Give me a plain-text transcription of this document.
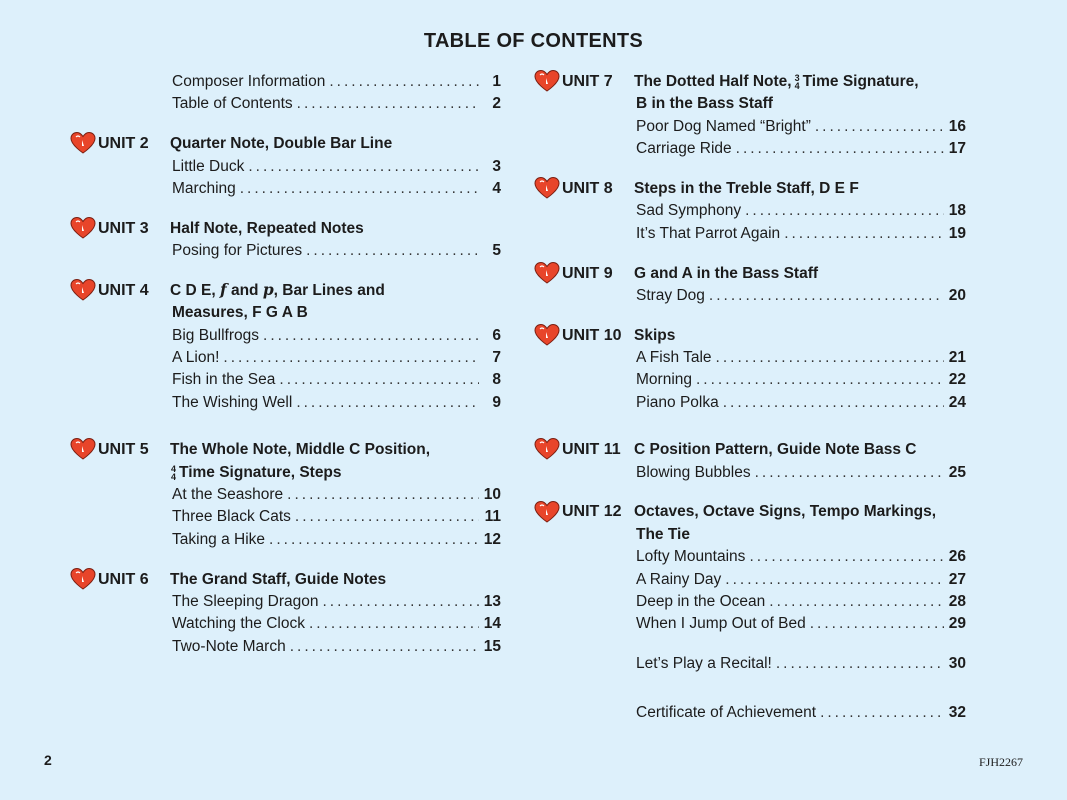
TABLE OF CONTENTS
Composer Information .....	1
Table of Contents .....	2
UNIT 2	Quarter Note, Double Bar Line
Little Duck .....	3
Marching .....	4
UNIT 3	Half Note, Repeated Notes
Posing for Pictures .....	5
UNIT 4	C D E, f and p, Bar Lines and
Measures, F G A B
Big Bullfrogs .....	6
A Lion! .....	7
Fish in the Sea .....	8
The Wishing Well .....	9
UNIT 5	The Whole Note, Middle C Position,
4
4 Time Signature, Steps
At the Seashore .....	10
Three Black Cats .....	11
Taking a Hike .....	12
UNIT 6	The Grand Staff, Guide Notes
The Sleeping Dragon .....	13
Watching the Clock .....	14
Two-Note March .....	15
UNIT 7	The Dotted Half Note, 3
4 Time Signature,
B in the Bass Staff
Poor Dog Named “Bright” .....	16
Carriage Ride .....	17
UNIT 8	Steps in the Treble Staff, D E F
Sad Symphony .....	18
It’s That Parrot Again .....	19
UNIT 9	G and A in the Bass Staff
Stray Dog .....	20
UNIT 10 Skips
A Fish Tale .....	21
Morning .....	22
Piano Polka .....	24
UNIT 11 C Position Pattern, Guide Note Bass C
Blowing Bubbles .....	25
UNIT 12 Octaves, Octave Signs, Tempo Markings,
The Tie
Lofty Mountains .....	26
A Rainy Day .....	27
Deep in the Ocean .....	28
When I Jump Out of Bed .....	29
Let’s Play a Recital! .....	30
Certificate of Achievement .....	32
2	FJH2267
